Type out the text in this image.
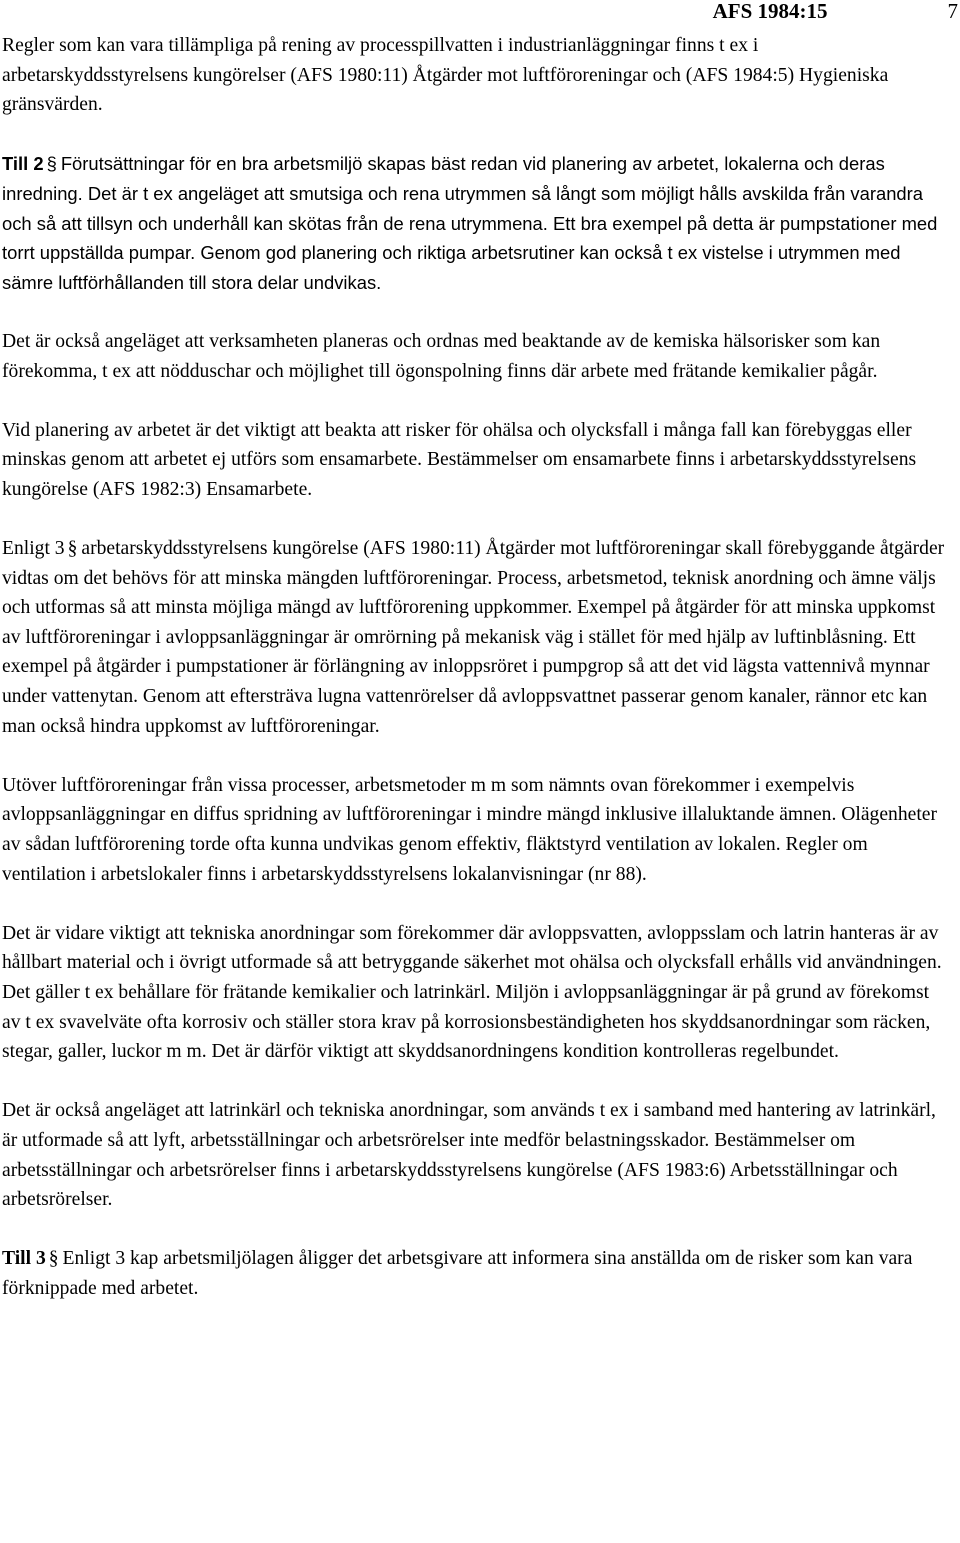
AFS 1984:15	7

Regler som kan vara tillämpliga på rening av processpillvatten i industrianläggningar finns t ex i arbetarskyddsstyrelsens kungörelser (AFS 1980:11) Åtgärder mot luftföroreningar och (AFS 1984:5) Hygieniska gränsvärden.

Till 2 § Förutsättningar för en bra arbetsmiljö skapas bäst redan vid planering av arbetet, lokalerna och deras inredning. Det är t ex angeläget att smutsiga och rena utrymmen så långt som möjligt hålls avskilda från varandra och så att tillsyn och underhåll kan skötas från de rena utrymmena. Ett bra exempel på detta är pumpstationer med torrt uppställda pumpar. Genom god planering och riktiga arbetsrutiner kan också t ex vistelse i utrymmen med sämre luftförhållanden till stora delar undvikas.

Det är också angeläget att verksamheten planeras och ordnas med beaktande av de kemiska hälsorisker som kan förekomma, t ex att nödduschar och möjlighet till ögonspolning finns där arbete med frätande kemikalier pågår.

Vid planering av arbetet är det viktigt att beakta att risker för ohälsa och olycksfall i många fall kan förebyggas eller minskas genom att arbetet ej utförs som ensamarbete. Bestämmelser om ensamarbete finns i arbetarskyddsstyrelsens kungörelse (AFS 1982:3) Ensamarbete.

Enligt 3 § arbetarskyddsstyrelsens kungörelse (AFS 1980:11) Åtgärder mot luftföroreningar skall förebyggande åtgärder vidtas om det behövs för att minska mängden luftföroreningar. Process, arbetsmetod, teknisk anordning och ämne väljs och utformas så att minsta möjliga mängd av luftförorening uppkommer. Exempel på åtgärder för att minska uppkomst av luftföroreningar i avloppsanläggningar är omrörning på mekanisk väg i stället för med hjälp av luftinblåsning. Ett exempel på åtgärder i pumpstationer är förlängning av inloppsröret i pumpgrop så att det vid lägsta vattennivå mynnar under vattenytan. Genom att eftersträva lugna vattenrörelser då avloppsvattnet passerar genom kanaler, rännor etc kan man också hindra uppkomst av luftföroreningar.

Utöver luftföroreningar från vissa processer, arbetsmetoder m m som nämnts ovan förekommer i exempelvis avloppsanläggningar en diffus spridning av luftföroreningar i mindre mängd inklusive illaluktande ämnen. Olägenheter av sådan luftförorening torde ofta kunna undvikas genom effektiv, fläktstyrd ventilation av lokalen. Regler om ventilation i arbetslokaler finns i arbetarskyddsstyrelsens lokalanvisningar (nr 88).

Det är vidare viktigt att tekniska anordningar som förekommer där avloppsvatten, avloppsslam och latrin hanteras är av hållbart material och i övrigt utformade så att betryggande säkerhet mot ohälsa och olycksfall erhålls vid användningen. Det gäller t ex behållare för frätande kemikalier och latrinkärl. Miljön i avloppsanläggningar är på grund av förekomst av t ex svavelväte ofta korrosiv och ställer stora krav på korrosionsbeständigheten hos skyddsanordningar som räcken, stegar, galler, luckor m m. Det är därför viktigt att skyddsanordningens kondition kontrolleras regelbundet.

Det är också angeläget att latrinkärl och tekniska anordningar, som används t ex i samband med hantering av latrinkärl, är utformade så att lyft, arbetsställningar och arbetsrörelser inte medför belastningsskador. Bestämmelser om arbetsställningar och arbetsrörelser finns i arbetarskyddsstyrelsens kungörelse (AFS 1983:6) Arbetsställningar och arbetsrörelser.

Till 3 § Enligt 3 kap arbetsmiljölagen åligger det arbetsgivare att informera sina anställda om de risker som kan vara förknippade med arbetet.
